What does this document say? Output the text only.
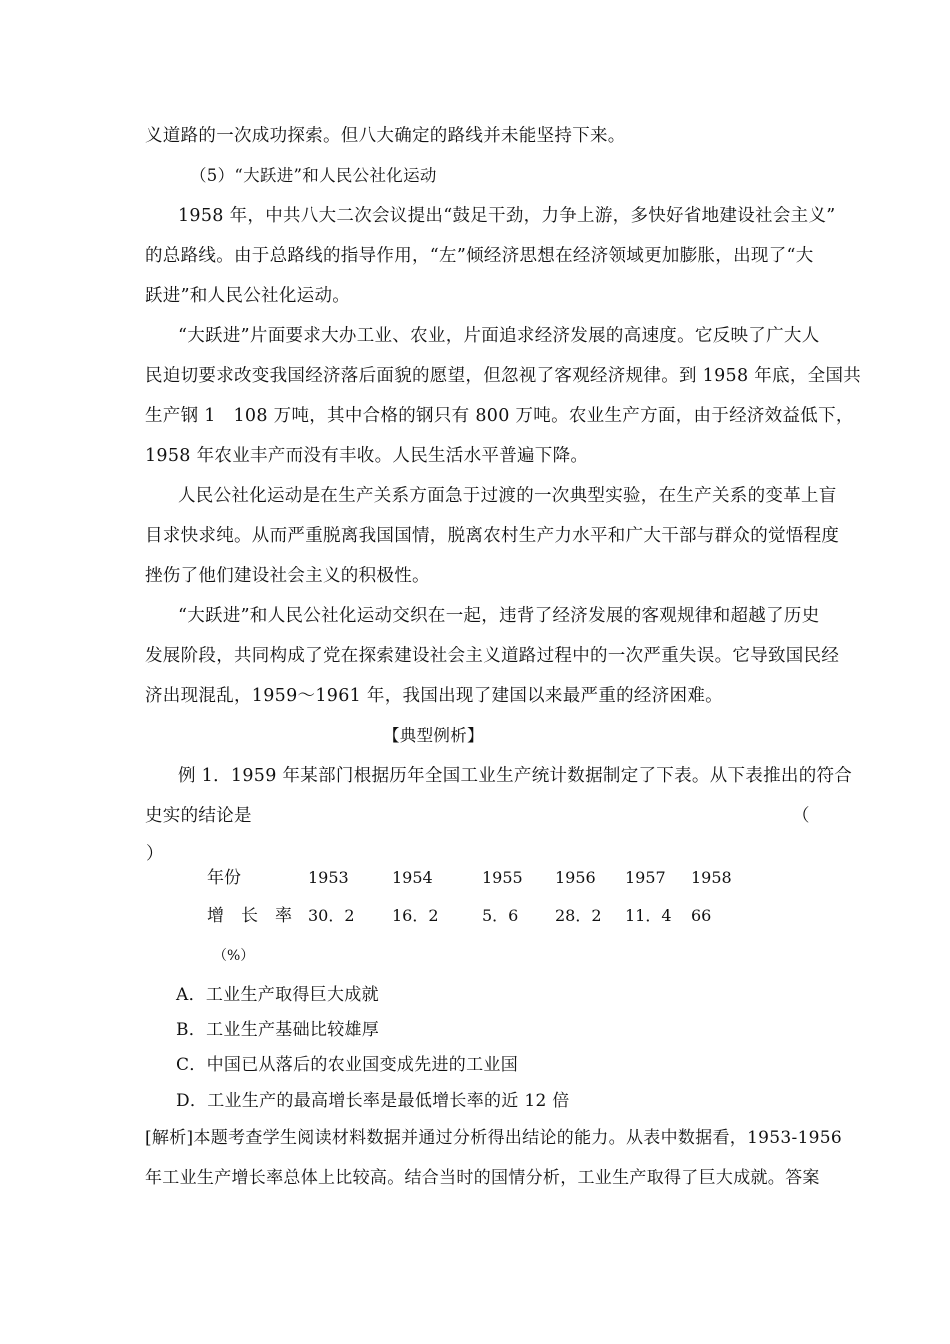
义道路的一次成功探索。但八大确定的路线并未能坚持下来。
（5）“大跃进”和人民公社化运动
1958 年，中共八大二次会议提出“鼓足干劲，力争上游，多快好省地建设社会主义”
的总路线。由于总路线的指导作用，“左”倾经济思想在经济领域更加膨胀，出现了“大
跃进”和人民公社化运动。
“大跃进”片面要求大办工业、农业，片面追求经济发展的高速度。它反映了广大人
民迫切要求改变我国经济落后面貌的愿望，但忽视了客观经济规律。到 1958 年底，全国共
生产钢 1　108 万吨，其中合格的钢只有 800 万吨。农业生产方面，由于经济效益低下，
1958 年农业丰产而没有丰收。人民生活水平普遍下降。
人民公社化运动是在生产关系方面急于过渡的一次典型实验，在生产关系的变革上盲
目求快求纯。从而严重脱离我国国情，脱离农村生产力水平和广大干部与群众的觉悟程度
挫伤了他们建设社会主义的积极性。
“大跃进”和人民公社化运动交织在一起，违背了经济发展的客观规律和超越了历史
发展阶段，共同构成了党在探索建设社会主义道路过程中的一次严重失误。它导致国民经
济出现混乱，1959～1961 年，我国出现了建国以来最严重的经济困难。
【典型例析】
例 1．1959 年某部门根据历年全国工业生产统计数据制定了下表。从下表推出的符合
史实的结论是	（
）
年份	1953	1954	1955 1956 1957 1958
增　长　率 30．2 16．2	5．6 28．2 11．4 66
（%）
A．工业生产取得巨大成就
B．工业生产基础比较雄厚
C．中国已从落后的农业国变成先进的工业国
D．工业生产的最高增长率是最低增长率的近 12 倍
[解析]本题考查学生阅读材料数据并通过分析得出结论的能力。从表中数据看，1953-1956
年工业生产增长率总体上比较高。结合当时的国情分析，工业生产取得了巨大成就。答案
